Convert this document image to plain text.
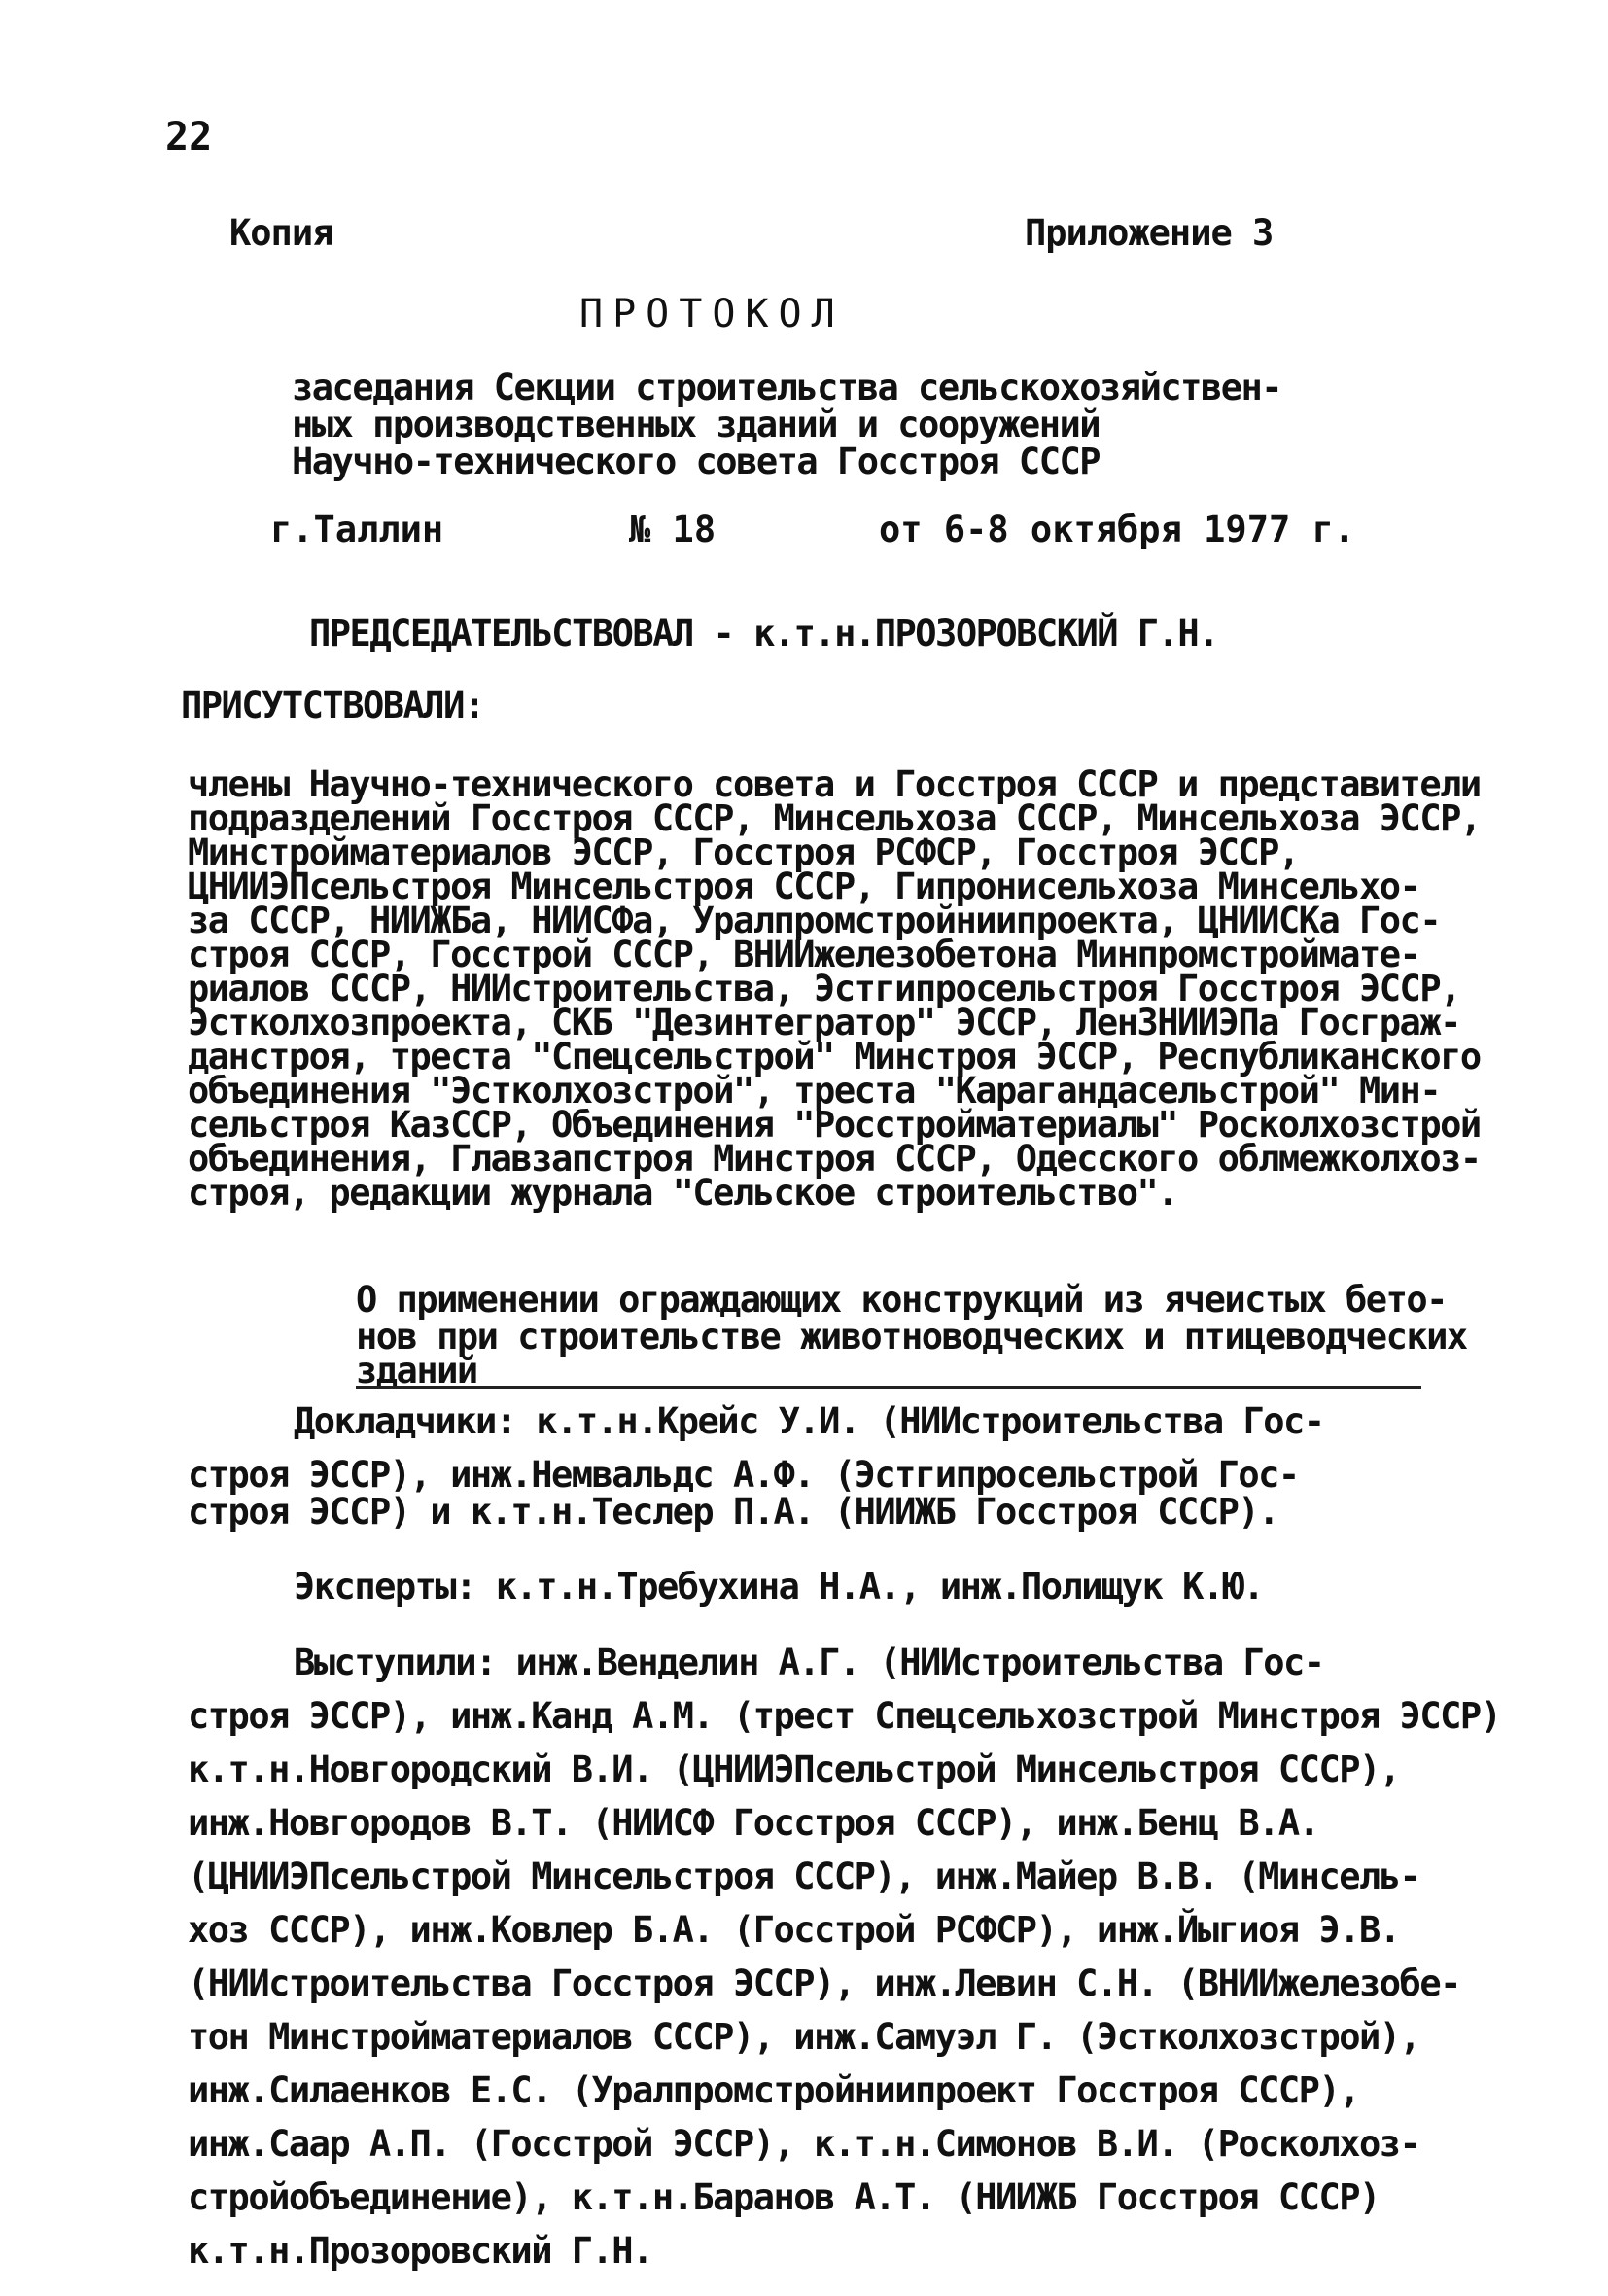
22
Копия	Приложение 3
ПРОТОКОЛ
заседания Секции строительства сельскохозяйствен-
ных производственных зданий и сооружений
Научно-технического совета Госстроя СССР
г.Таллин	№ 18	от 6-8 октября 1977 г.
ПРЕДСЕДАТЕЛЬСТВОВАЛ - к.т.н.ПРОЗОРОВСКИЙ Г.Н.
ПРИСУТСТВОВАЛИ:
члены Научно-технического совета и Госстроя СССР и представители
подразделений Госстроя СССР, Минсельхоза СССР, Минсельхоза ЭССР,
Минстройматериалов ЭССР, Госстроя РСФСР, Госстроя ЭССР,
ЦНИИЭПсельстроя Минсельстроя СССР, Гипронисельхоза Минсельхо-
за СССР, НИИЖБа, НИИСФа, Уралпромстройниипроекта, ЦНИИСКа Гос-
строя СССР, Госстрой СССР, ВНИИжелезобетона Минпромстройматe-
риалов СССР, НИИстроительства, Эстгипросельстроя Госстроя ЭССР,
Эстколхозпроекта, СКБ "Дезинтегратор" ЭССР, ЛенЗНИИЭПа Госграж-
данстроя, треста "Спецсельстрой" Минстроя ЭССР, Республиканского
объединения "Эстколхозстрой", треста "Карагандасельстрой" Мин-
сельстроя КазССР, Объединения "Росстройматериалы" Росколхозстрой
объединения, Главзапстроя Минстроя СССР, Одесского облмежколхоз-
строя, редакции журнала "Сельское строительство".
О применении ограждающих конструкций из ячеистых бето-
нов при строительстве животноводческих и птицеводческих
зданий
Докладчики: к.т.н.Крейс У.И. (НИИстроительства Гос-
строя ЭССР), инж.Немвальдс А.Ф. (Эстгипросельстрой Гос-
строя ЭССР) и к.т.н.Теслер П.А. (НИИЖБ Госстроя СССР).
Эксперты: к.т.н.Требухина Н.А., инж.Полищук К.Ю.
Выступили: инж.Венделин А.Г. (НИИстроительства Гос-
строя ЭССР), инж.Канд А.М. (трест Спецсельхозстрой Минстроя ЭССР)
к.т.н.Новгородский В.И. (ЦНИИЭПсельстрой Минсельстроя СССР),
инж.Новгородов В.Т. (НИИСФ Госстроя СССР), инж.Бенц В.А.
(ЦНИИЭПсельстрой Минсельстроя СССР), инж.Майер В.В. (Минсель-
хоз СССР), инж.Ковлер Б.А. (Госстрой РСФСР), инж.Йыгиоя Э.В.
(НИИстроительства Госстроя ЭССР), инж.Левин С.Н. (ВНИИжелезобе-
тон Минстройматериалов СССР), инж.Самуэл Г. (Эстколхозстрой),
инж.Силаенков Е.С. (Уралпромстройниипроект Госстроя СССР),
инж.Саар А.П. (Госстрой ЭССР), к.т.н.Симонов В.И. (Росколхоз-
стройобъединение), к.т.н.Баранов А.Т. (НИИЖБ Госстроя СССР)
к.т.н.Прозоровский Г.Н.
